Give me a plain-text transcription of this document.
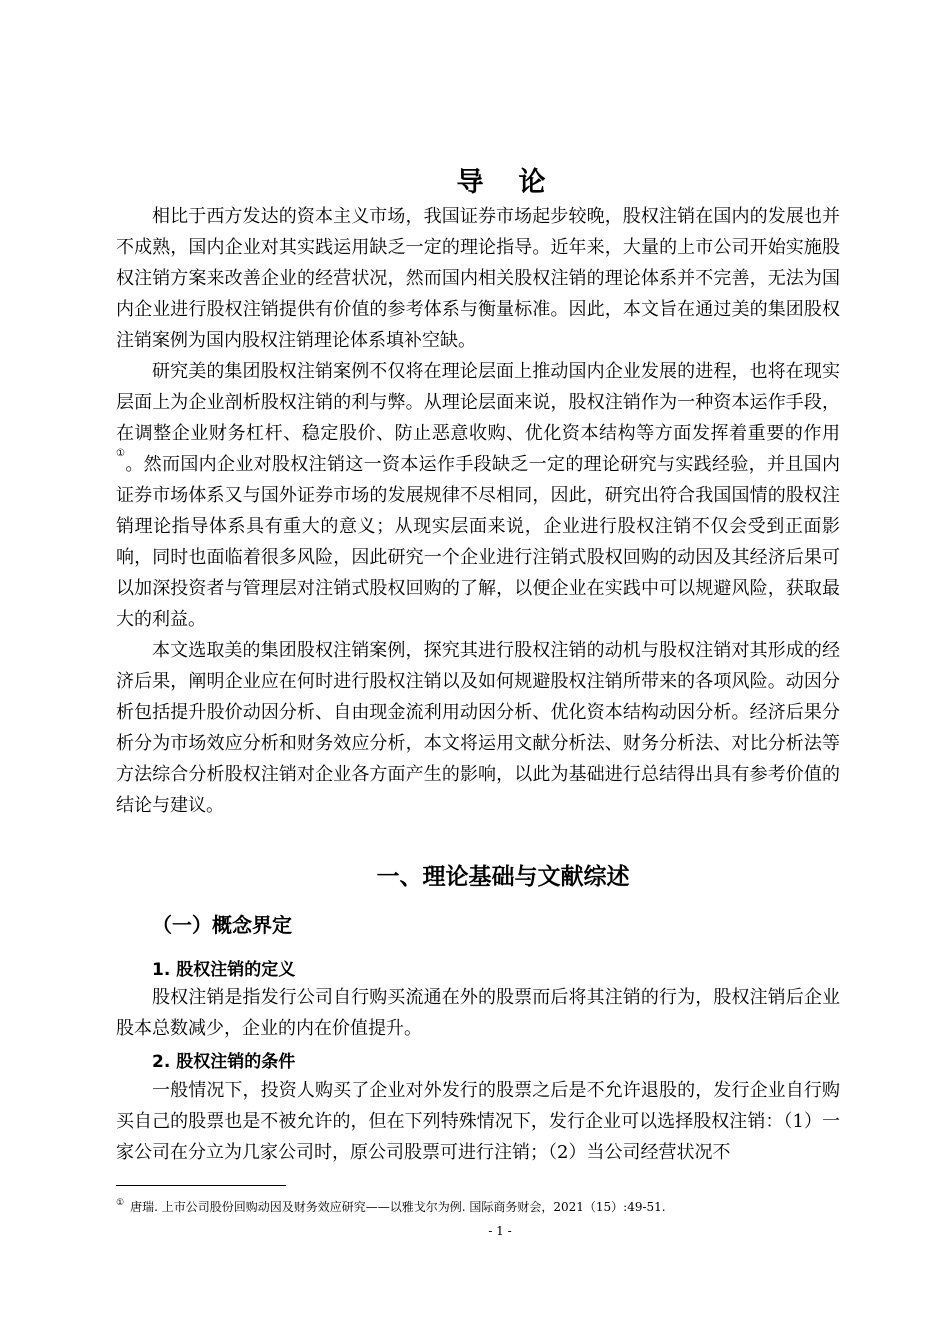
导　论

相比于西方发达的资本主义市场，我国证券市场起步较晚，股权注销在国内的发展也并不成熟，国内企业对其实践运用缺乏一定的理论指导。近年来，大量的上市公司开始实施股权注销方案来改善企业的经营状况，然而国内相关股权注销的理论体系并不完善，无法为国内企业进行股权注销提供有价值的参考体系与衡量标准。因此，本文旨在通过美的集团股权注销案例为国内股权注销理论体系填补空缺。

研究美的集团股权注销案例不仅将在理论层面上推动国内企业发展的进程，也将在现实层面上为企业剖析股权注销的利与弊。从理论层面来说，股权注销作为一种资本运作手段，在调整企业财务杠杆、稳定股价、防止恶意收购、优化资本结构等方面发挥着重要的作用①。然而国内企业对股权注销这一资本运作手段缺乏一定的理论研究与实践经验，并且国内证券市场体系又与国外证券市场的发展规律不尽相同，因此，研究出符合我国国情的股权注销理论指导体系具有重大的意义；从现实层面来说，企业进行股权注销不仅会受到正面影响，同时也面临着很多风险，因此研究一个企业进行注销式股权回购的动因及其经济后果可以加深投资者与管理层对注销式股权回购的了解，以便企业在实践中可以规避风险，获取最大的利益。

本文选取美的集团股权注销案例，探究其进行股权注销的动机与股权注销对其形成的经济后果，阐明企业应在何时进行股权注销以及如何规避股权注销所带来的各项风险。动因分析包括提升股价动因分析、自由现金流利用动因分析、优化资本结构动因分析。经济后果分析分为市场效应分析和财务效应分析，本文将运用文献分析法、财务分析法、对比分析法等方法综合分析股权注销对企业各方面产生的影响，以此为基础进行总结得出具有参考价值的结论与建议。

一、理论基础与文献综述
（一）概念界定
1. 股权注销的定义

股权注销是指发行公司自行购买流通在外的股票而后将其注销的行为，股权注销后企业股本总数减少，企业的内在价值提升。

2. 股权注销的条件

一般情况下，投资人购买了企业对外发行的股票之后是不允许退股的，发行企业自行购买自己的股票也是不被允许的，但在下列特殊情况下，发行企业可以选择股权注销：（1）一家公司在分立为几家公司时，原公司股票可进行注销；（2）当公司经营状况不

① 唐瑞. 上市公司股份回购动因及财务效应研究——以雅戈尔为例. 国际商务财会，2021（15）:49-51.
- 1 -
